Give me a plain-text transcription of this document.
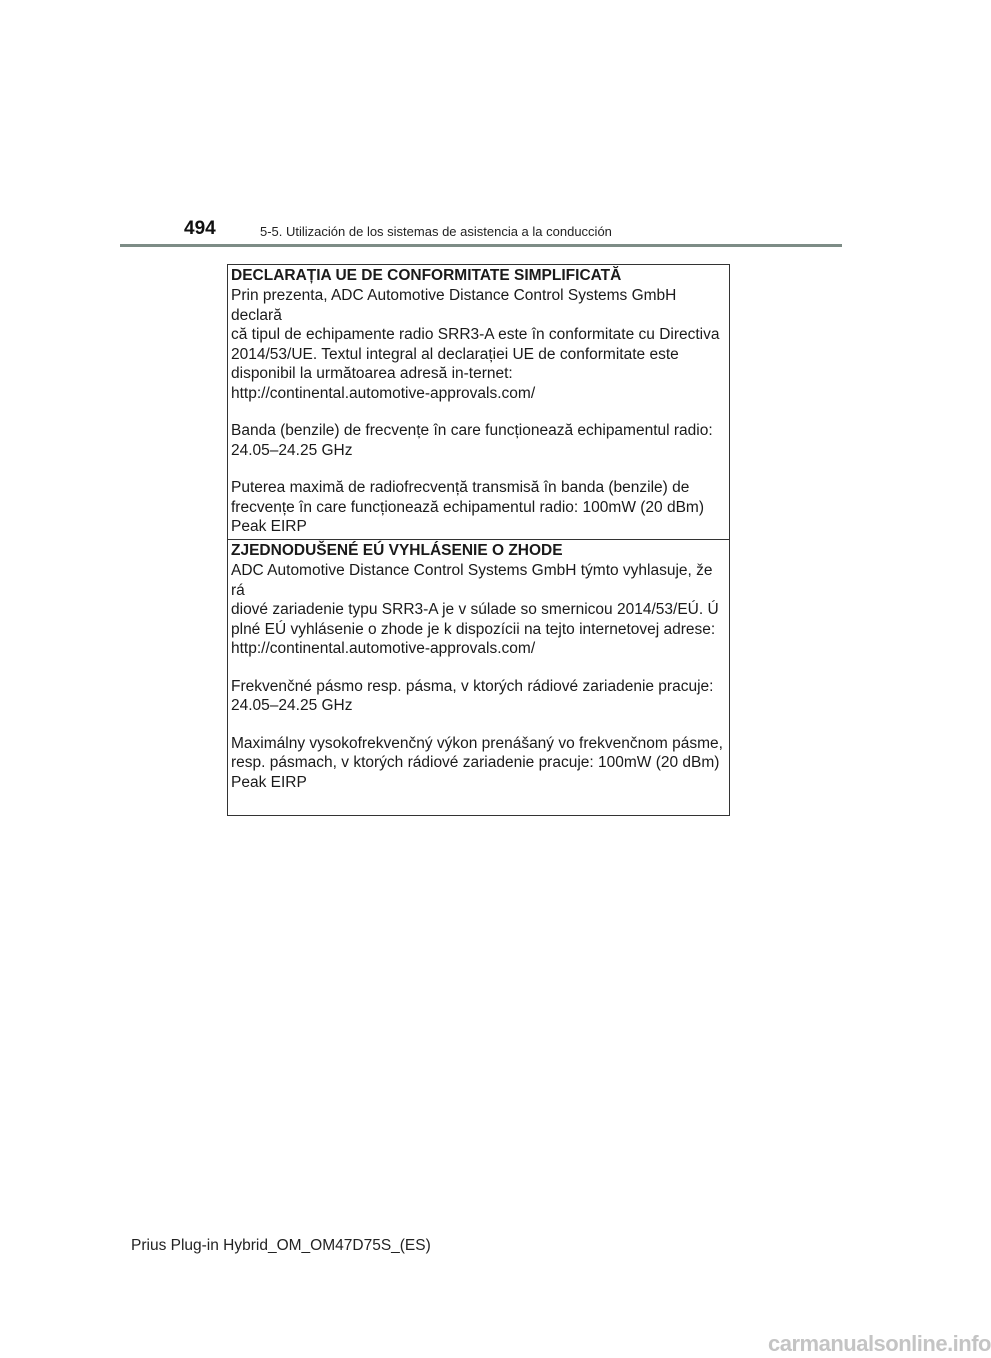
494	5-5. Utilización de los sistemas de asistencia a la conducción

DECLARAȚIA UE DE CONFORMITATE SIMPLIFICATĂ

Prin prezenta, ADC Automotive Distance Control Systems GmbH declară
că tipul de echipamente radio SRR3-A este în conformitate cu Directiva
2014/53/UE. Textul integral al declarației UE de conformitate este
disponibil la următoarea adresă in-ternet:
http://continental.automotive-approvals.com/

Banda (benzile) de frecvențe în care funcționează echipamentul radio:
24.05–24.25 GHz

Puterea maximă de radiofrecvență transmisă în banda (benzile) de
frecvențe în care funcționează echipamentul radio: 100mW (20 dBm)
Peak EIRP

ZJEDNODUŠENÉ EÚ VYHLÁSENIE O ZHODE

ADC Automotive Distance Control Systems GmbH týmto vyhlasuje, že rá
diové zariadenie typu SRR3-A je v súlade so smernicou 2014/53/EÚ. Ú
plné EÚ vyhlásenie o zhode je k dispozícii na tejto internetovej adrese:
http://continental.automotive-approvals.com/

Frekvenčné pásmo resp. pásma, v ktorých rádiové zariadenie pracuje:
24.05–24.25 GHz

Maximálny vysokofrekvenčný výkon prenášaný vo frekvenčnom pásme,
resp. pásmach, v ktorých rádiové zariadenie pracuje: 100mW (20 dBm)
Peak EIRP

Prius Plug-in Hybrid_OM_OM47D75S_(ES)
carmanualsonline.info
